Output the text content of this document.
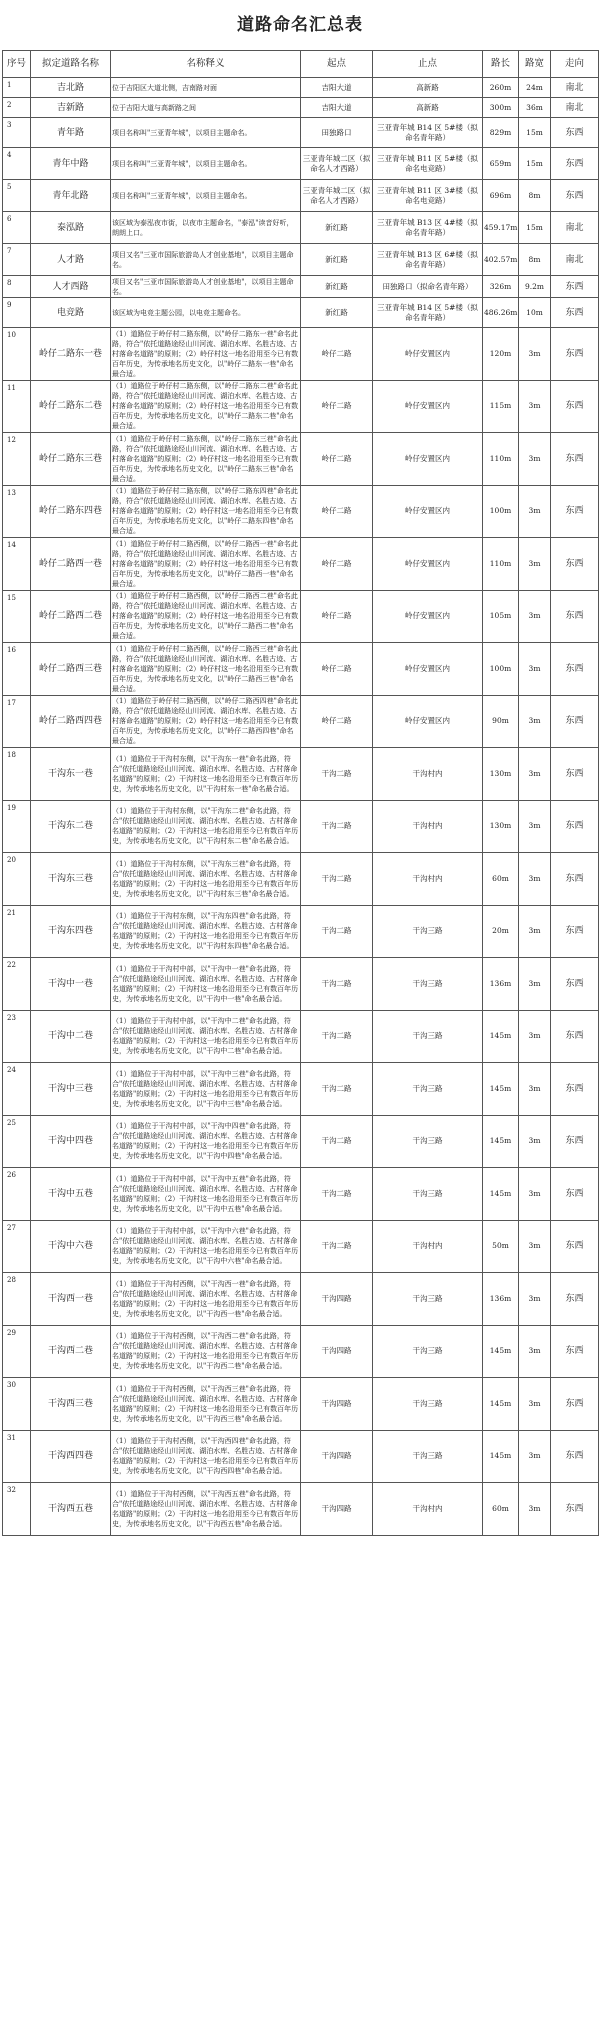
道路命名汇总表
序号	拟定道路名称	名称释义	起点	止点	路长	路宽	走向
1	吉北路	位于吉阳区大道北侧，吉南路对面	吉阳大道	高新路	260m	24m	南北
2	吉新路	位于吉阳大道与高新路之间	吉阳大道	高新路	300m	36m	南北
3	青年路	项目名称叫"三亚青年城"，以项目主题命名。	田独路口	三亚青年城 B14 区 5#楼（拟命名青年路）	829m	15m	东西
4	青年中路	项目名称叫"三亚青年城"，以项目主题命名。	三亚青年城二区（拟命名人才西路）	三亚青年城 B11 区 5#楼（拟命名电竞路）	659m	15m	东西
5	青年北路	项目名称叫"三亚青年城"，以项目主题命名。	三亚青年城二区（拟命名人才西路）	三亚青年城 B11 区 3#楼（拟命名电竞路）	696m	8m	东西
6	泰泓路	该区域为泰泓夜市街，以夜市主题命名，"泰泓"读音好听，朗朗上口。	新红路	三亚青年城 B13 区 4#楼（拟命名青年路）	459.17m	15m	南北
7	人才路	项目又名"三亚市国际旅游岛人才创业基地"，以项目主题命名。	新红路	三亚青年城 B13 区 6#楼（拟命名青年路）	402.57m	8m	南北
8	人才西路	项目又名"三亚市国际旅游岛人才创业基地"，以项目主题命名。	新红路	田独路口（拟命名青年路）	326m	9.2m	东西
9	电竞路	该区域为电竞主题公园，以电竞主题命名。	新红路	三亚青年城 B14 区 5#楼（拟命名青年路）	486.26m	10m	东西
10	岭仔二路东一巷	（1）道路位于岭仔村二路东侧，以"岭仔二路东一巷"命名此路，符合"依托道路途经山川河流、湖泊水库、名胜古迹、古村落命名道路"的原则；（2）岭仔村这一地名沿用至今已有数百年历史，为传承地名历史文化，以"岭仔二路东一巷"命名最合适。	岭仔二路	岭仔安置区内	120m	3m	东西
11	岭仔二路东二巷	（1）道路位于岭仔村二路东侧，以"岭仔二路东二巷"命名此路，符合"依托道路途经山川河流、湖泊水库、名胜古迹、古村落命名道路"的原则；（2）岭仔村这一地名沿用至今已有数百年历史，为传承地名历史文化，以"岭仔二路东二巷"命名最合适。	岭仔二路	岭仔安置区内	115m	3m	东西
12	岭仔二路东三巷	（1）道路位于岭仔村二路东侧，以"岭仔二路东三巷"命名此路，符合"依托道路途经山川河流、湖泊水库、名胜古迹、古村落命名道路"的原则；（2）岭仔村这一地名沿用至今已有数百年历史，为传承地名历史文化，以"岭仔二路东三巷"命名最合适。	岭仔二路	岭仔安置区内	110m	3m	东西
13	岭仔二路东四巷	（1）道路位于岭仔村二路东侧，以"岭仔二路东四巷"命名此路，符合"依托道路途经山川河流、湖泊水库、名胜古迹、古村落命名道路"的原则；（2）岭仔村这一地名沿用至今已有数百年历史，为传承地名历史文化，以"岭仔二路东四巷"命名最合适。	岭仔二路	岭仔安置区内	100m	3m	东西
14	岭仔二路西一巷	（1）道路位于岭仔村二路西侧，以"岭仔二路西一巷"命名此路，符合"依托道路途经山川河流、湖泊水库、名胜古迹、古村落命名道路"的原则；（2）岭仔村这一地名沿用至今已有数百年历史，为传承地名历史文化，以"岭仔二路西一巷"命名最合适。	岭仔二路	岭仔安置区内	110m	3m	东西
15	岭仔二路西二巷	（1）道路位于岭仔村二路西侧，以"岭仔二路西二巷"命名此路，符合"依托道路途经山川河流、湖泊水库、名胜古迹、古村落命名道路"的原则；（2）岭仔村这一地名沿用至今已有数百年历史，为传承地名历史文化，以"岭仔二路西二巷"命名最合适。	岭仔二路	岭仔安置区内	105m	3m	东西
16	岭仔二路西三巷	（1）道路位于岭仔村二路西侧，以"岭仔二路西三巷"命名此路，符合"依托道路途经山川河流、湖泊水库、名胜古迹、古村落命名道路"的原则；（2）岭仔村这一地名沿用至今已有数百年历史，为传承地名历史文化，以"岭仔二路西三巷"命名最合适。	岭仔二路	岭仔安置区内	100m	3m	东西
17	岭仔二路西四巷	（1）道路位于岭仔村二路西侧，以"岭仔二路西四巷"命名此路，符合"依托道路途经山川河流、湖泊水库、名胜古迹、古村落命名道路"的原则；（2）岭仔村这一地名沿用至今已有数百年历史，为传承地名历史文化，以"岭仔二路西四巷"命名最合适。	岭仔二路	岭仔安置区内	90m	3m	东西
18	干沟东一巷	（1）道路位于干沟村东侧，以"干沟东一巷"命名此路，符合"依托道路途经山川河流、湖泊水库、名胜古迹、古村落命名道路"的原则；（2）干沟村这一地名沿用至今已有数百年历史，为传承地名历史文化，以"干沟村东一巷"命名最合适。	干沟二路	干沟村内	130m	3m	东西
19	干沟东二巷	（1）道路位于干沟村东侧，以"干沟东二巷"命名此路，符合"依托道路途经山川河流、湖泊水库、名胜古迹、古村落命名道路"的原则；（2）干沟村这一地名沿用至今已有数百年历史，为传承地名历史文化，以"干沟村东二巷"命名最合适。	干沟二路	干沟村内	130m	3m	东西
20	干沟东三巷	（1）道路位于干沟村东侧，以"干沟东三巷"命名此路，符合"依托道路途经山川河流、湖泊水库、名胜古迹、古村落命名道路"的原则；（2）干沟村这一地名沿用至今已有数百年历史，为传承地名历史文化，以"干沟村东三巷"命名最合适。	干沟二路	干沟村内	60m	3m	东西
21	干沟东四巷	（1）道路位于干沟村东侧，以"干沟东四巷"命名此路，符合"依托道路途经山川河流、湖泊水库、名胜古迹、古村落命名道路"的原则；（2）干沟村这一地名沿用至今已有数百年历史，为传承地名历史文化，以"干沟村东四巷"命名最合适。	干沟二路	干沟三路	20m	3m	东西
22	干沟中一巷	（1）道路位于干沟村中部，以"干沟中一巷"命名此路，符合"依托道路途经山川河流、湖泊水库、名胜古迹、古村落命名道路"的原则；（2）干沟村这一地名沿用至今已有数百年历史，为传承地名历史文化，以"干沟中一巷"命名最合适。	干沟二路	干沟三路	136m	3m	东西
23	干沟中二巷	（1）道路位于干沟村中部，以"干沟中二巷"命名此路，符合"依托道路途经山川河流、湖泊水库、名胜古迹、古村落命名道路"的原则；（2）干沟村这一地名沿用至今已有数百年历史，为传承地名历史文化，以"干沟中二巷"命名最合适。	干沟二路	干沟三路	145m	3m	东西
24	干沟中三巷	（1）道路位于干沟村中部，以"干沟中三巷"命名此路，符合"依托道路途经山川河流、湖泊水库、名胜古迹、古村落命名道路"的原则；（2）干沟村这一地名沿用至今已有数百年历史，为传承地名历史文化，以"干沟中三巷"命名最合适。	干沟二路	干沟三路	145m	3m	东西
25	干沟中四巷	（1）道路位于干沟村中部，以"干沟中四巷"命名此路，符合"依托道路途经山川河流、湖泊水库、名胜古迹、古村落命名道路"的原则；（2）干沟村这一地名沿用至今已有数百年历史，为传承地名历史文化，以"干沟中四巷"命名最合适。	干沟二路	干沟三路	145m	3m	东西
26	干沟中五巷	（1）道路位于干沟村中部，以"干沟中五巷"命名此路，符合"依托道路途经山川河流、湖泊水库、名胜古迹、古村落命名道路"的原则；（2）干沟村这一地名沿用至今已有数百年历史，为传承地名历史文化，以"干沟中五巷"命名最合适。	干沟二路	干沟三路	145m	3m	东西
27	干沟中六巷	（1）道路位于干沟村中部，以"干沟中六巷"命名此路，符合"依托道路途经山川河流、湖泊水库、名胜古迹、古村落命名道路"的原则；（2）干沟村这一地名沿用至今已有数百年历史，为传承地名历史文化，以"干沟中六巷"命名最合适。	干沟二路	干沟村内	50m	3m	东西
28	干沟西一巷	（1）道路位于干沟村西侧，以"干沟西一巷"命名此路，符合"依托道路途经山川河流、湖泊水库、名胜古迹、古村落命名道路"的原则；（2）干沟村这一地名沿用至今已有数百年历史，为传承地名历史文化，以"干沟西一巷"命名最合适。	干沟四路	干沟三路	136m	3m	东西
29	干沟西二巷	（1）道路位于干沟村西侧，以"干沟西二巷"命名此路，符合"依托道路途经山川河流、湖泊水库、名胜古迹、古村落命名道路"的原则；（2）干沟村这一地名沿用至今已有数百年历史，为传承地名历史文化，以"干沟西二巷"命名最合适。	干沟四路	干沟三路	145m	3m	东西
30	干沟西三巷	（1）道路位于干沟村西侧，以"干沟西三巷"命名此路，符合"依托道路途经山川河流、湖泊水库、名胜古迹、古村落命名道路"的原则；（2）干沟村这一地名沿用至今已有数百年历史，为传承地名历史文化，以"干沟西三巷"命名最合适。	干沟四路	干沟三路	145m	3m	东西
31	干沟西四巷	（1）道路位于干沟村西侧，以"干沟西四巷"命名此路，符合"依托道路途经山川河流、湖泊水库、名胜古迹、古村落命名道路"的原则；（2）干沟村这一地名沿用至今已有数百年历史，为传承地名历史文化，以"干沟西四巷"命名最合适。	干沟四路	干沟三路	145m	3m	东西
32	干沟西五巷	（1）道路位于干沟村西侧，以"干沟西五巷"命名此路，符合"依托道路途经山川河流、湖泊水库、名胜古迹、古村落命名道路"的原则；（2）干沟村这一地名沿用至今已有数百年历史，为传承地名历史文化，以"干沟西五巷"命名最合适。	干沟四路	干沟村内	60m	3m	东西
